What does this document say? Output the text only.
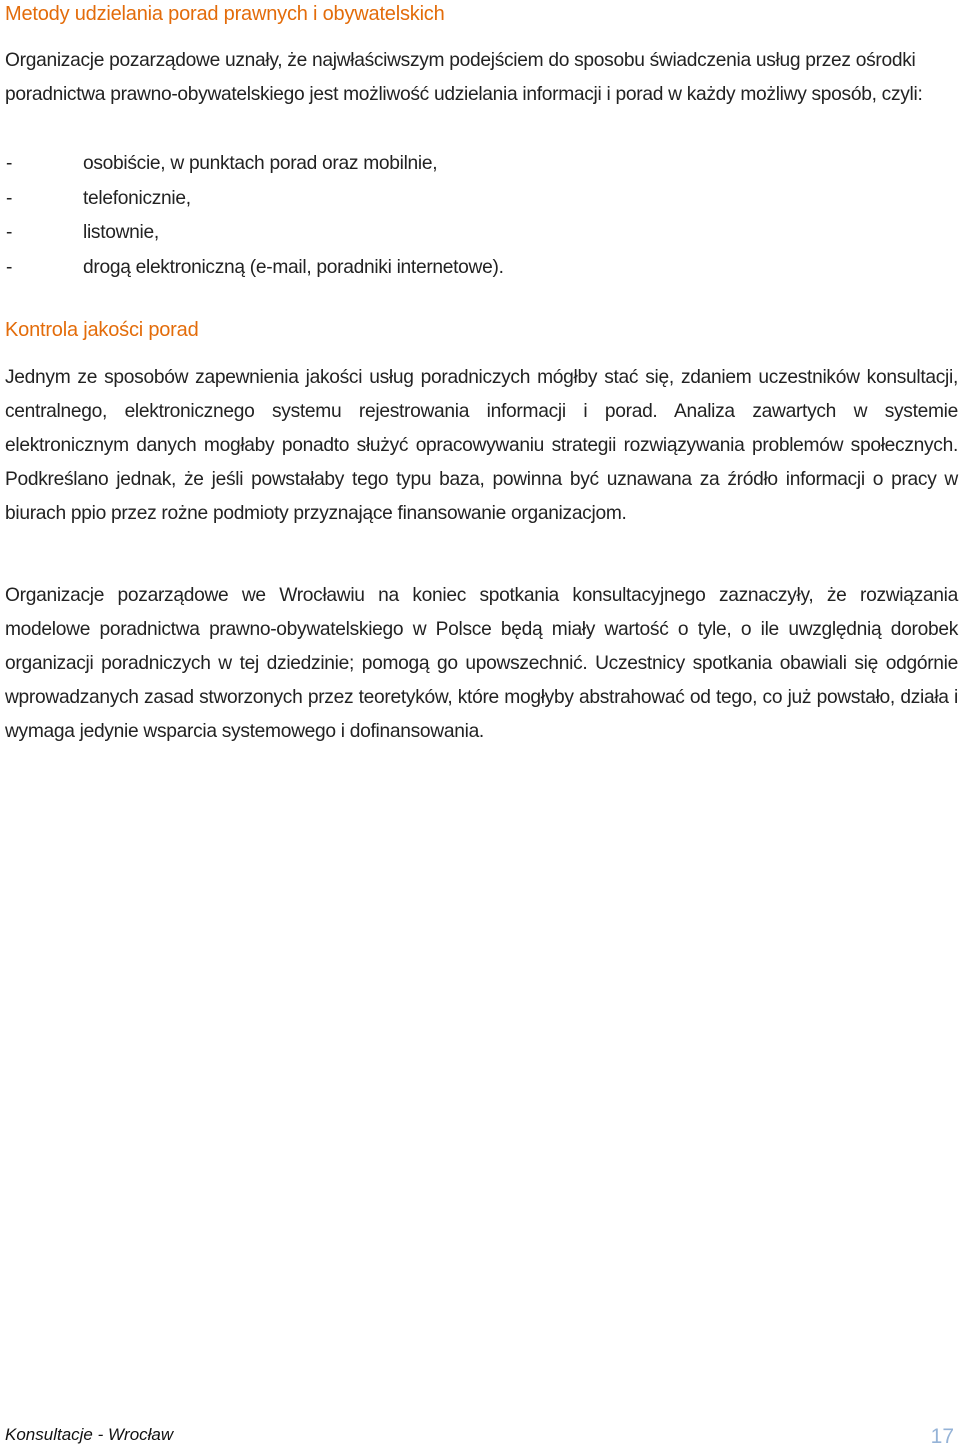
Metody udzielania porad prawnych i obywatelskich

Organizacje pozarządowe uznały, że najwłaściwszym podejściem do sposobu świadczenia usług przez ośrodki poradnictwa prawno-obywatelskiego jest możliwość udzielania informacji i porad w każdy możliwy sposób, czyli:

-	osobiście, w punktach porad oraz mobilnie,
-	telefonicznie,
-	listownie,
-	drogą elektroniczną (e-mail, poradniki internetowe).
Kontrola jakości porad

Jednym ze sposobów zapewnienia jakości usług poradniczych mógłby stać się, zdaniem uczestników konsultacji, centralnego, elektronicznego systemu rejestrowania informacji i porad. Analiza zawartych w systemie elektronicznym danych mogłaby ponadto służyć opracowywaniu strategii rozwiązywania problemów społecznych. Podkreślano jednak, że jeśli powstałaby tego typu baza, powinna być uznawana za źródło informacji o pracy w biurach ppio przez rożne podmioty przyznające finansowanie organizacjom.

Organizacje pozarządowe we Wrocławiu na koniec spotkania konsultacyjnego zaznaczyły, że rozwiązania modelowe poradnictwa prawno-obywatelskiego w Polsce będą miały wartość o tyle, o ile uwzględnią dorobek organizacji poradniczych w tej dziedzinie; pomogą go upowszechnić. Uczestnicy spotkania obawiali się odgórnie wprowadzanych zasad stworzonych przez teoretyków, które mogłyby abstrahować od tego, co już powstało, działa i wymaga jedynie wsparcia systemowego i dofinansowania.

Konsultacje - Wrocław	17
